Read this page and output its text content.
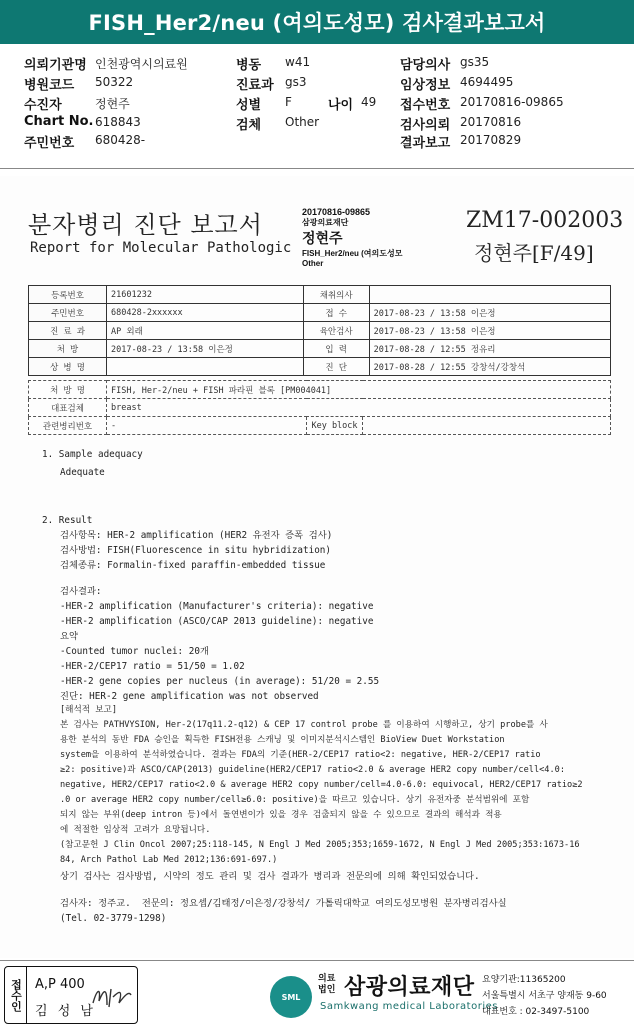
FISH_Her2/neu (여의도성모) 검사결과보고서
의뢰기관명 인천광역시의료원
병원코드 50322
수진자	정현주
Chart No. 618843
주민번호 680428-
병동 w41
진료과 gs3
성별 F	나이 49
검체 Other
담당의사 gs35
임상정보 4694495
접수번호 20170816-09865
검사의뢰 20170816
결과보고 20170829
분자병리 진단 보고서
Report for Molecular Pathologic
20170816-09865
삼광의료재단
정현주
FISH_Her2/neu (여의도성모
Other
ZM17-002003
정현주[F/49]
등록번호	21601232	채취의사	
주민번호	680428-2xxxxxx	접 수	2017-08-23 / 13:58 이은정
진 료 과	AP 외래	육안검사	2017-08-23 / 13:58 이은정
처 방	2017-08-23 / 13:58 이은정	입 력	2017-08-28 / 12:55 정유리
상 병 명		진 단	2017-08-28 / 12:55 강창석/강창석
처 방 명	FISH, Her-2/neu + FISH 파라핀 블록 [PM004041]		
대표검체	breast		
관련병리번호	-	Key block	
1. Sample adequacy
Adequate
2. Result
검사항목: HER-2 amplification (HER2 유전자 증폭 검사)
검사방법: FISH(Fluorescence in situ hybridization)
검체종류: Formalin-fixed paraffin-embedded tissue
검사결과:
-HER-2 amplification (Manufacturer's criteria): negative
-HER-2 amplification (ASCO/CAP 2013 guideline): negative
요약
-Counted tumor nuclei: 20개
-HER-2/CEP17 ratio = 51/50 = 1.02
-HER-2 gene copies per nucleus (in average): 51/20 = 2.55
진단: HER-2 gene amplification was not observed
[해석적 보고]
본 검사는 PATHVYSION, Her-2(17q11.2-q12) & CEP 17 control probe 를 이용하여 시행하고, 상기 probe를 사
용한 분석의 동반 FDA 승인을 획득한 FISH전용 스캐닝 및 이미지분석시스템인 BioView Duet Workstation
system을 이용하여 분석하였습니다. 결과는 FDA의 기준(HER-2/CEP17 ratio<2: negative, HER-2/CEP17 ratio
≥2: positive)과 ASCO/CAP(2013) guideline(HER2/CEP17 ratio<2.0 & average HER2 copy number/cell<4.0:
negative, HER2/CEP17 ratio<2.0 & average HER2 copy number/cell=4.0-6.0: equivocal, HER2/CEP17 ratio≥2
.0 or average HER2 copy number/cell≥6.0: positive)을 따르고 있습니다. 상기 유전자중 분석범위에 포함
되지 않는 부위(deep intron 등)에서 돌연변이가 있을 경우 검출되지 않을 수 있으므로 결과의 해석과 적용
에 적절한 임상적 고려가 요망됩니다.
(참고문헌 J Clin Oncol 2007;25:118-145, N Engl J Med 2005;353;1659-1672, N Engl J Med 2005;353:1673-16
84, Arch Pathol Lab Med 2012;136:691-697.)
상기 검사는 검사방법, 시약의 정도 관리 및 검사 결과가 병리과 전문의에 의해 확인되었습니다.
검사자: 정주교.  전문의: 정요셉/김태정/이은정/강창석/ 가톨릭대학교 여의도성모병원 분자병리검사실
(Tel. 02-3779-1298)
접수인 A,P 400
김 성 남
SML
의료 법인 삼광의료재단
Samkwang medical Laboratories
요양기관:11365200
서울특별시 서초구 양재동 9-60
대표번호 : 02-3497-5100
